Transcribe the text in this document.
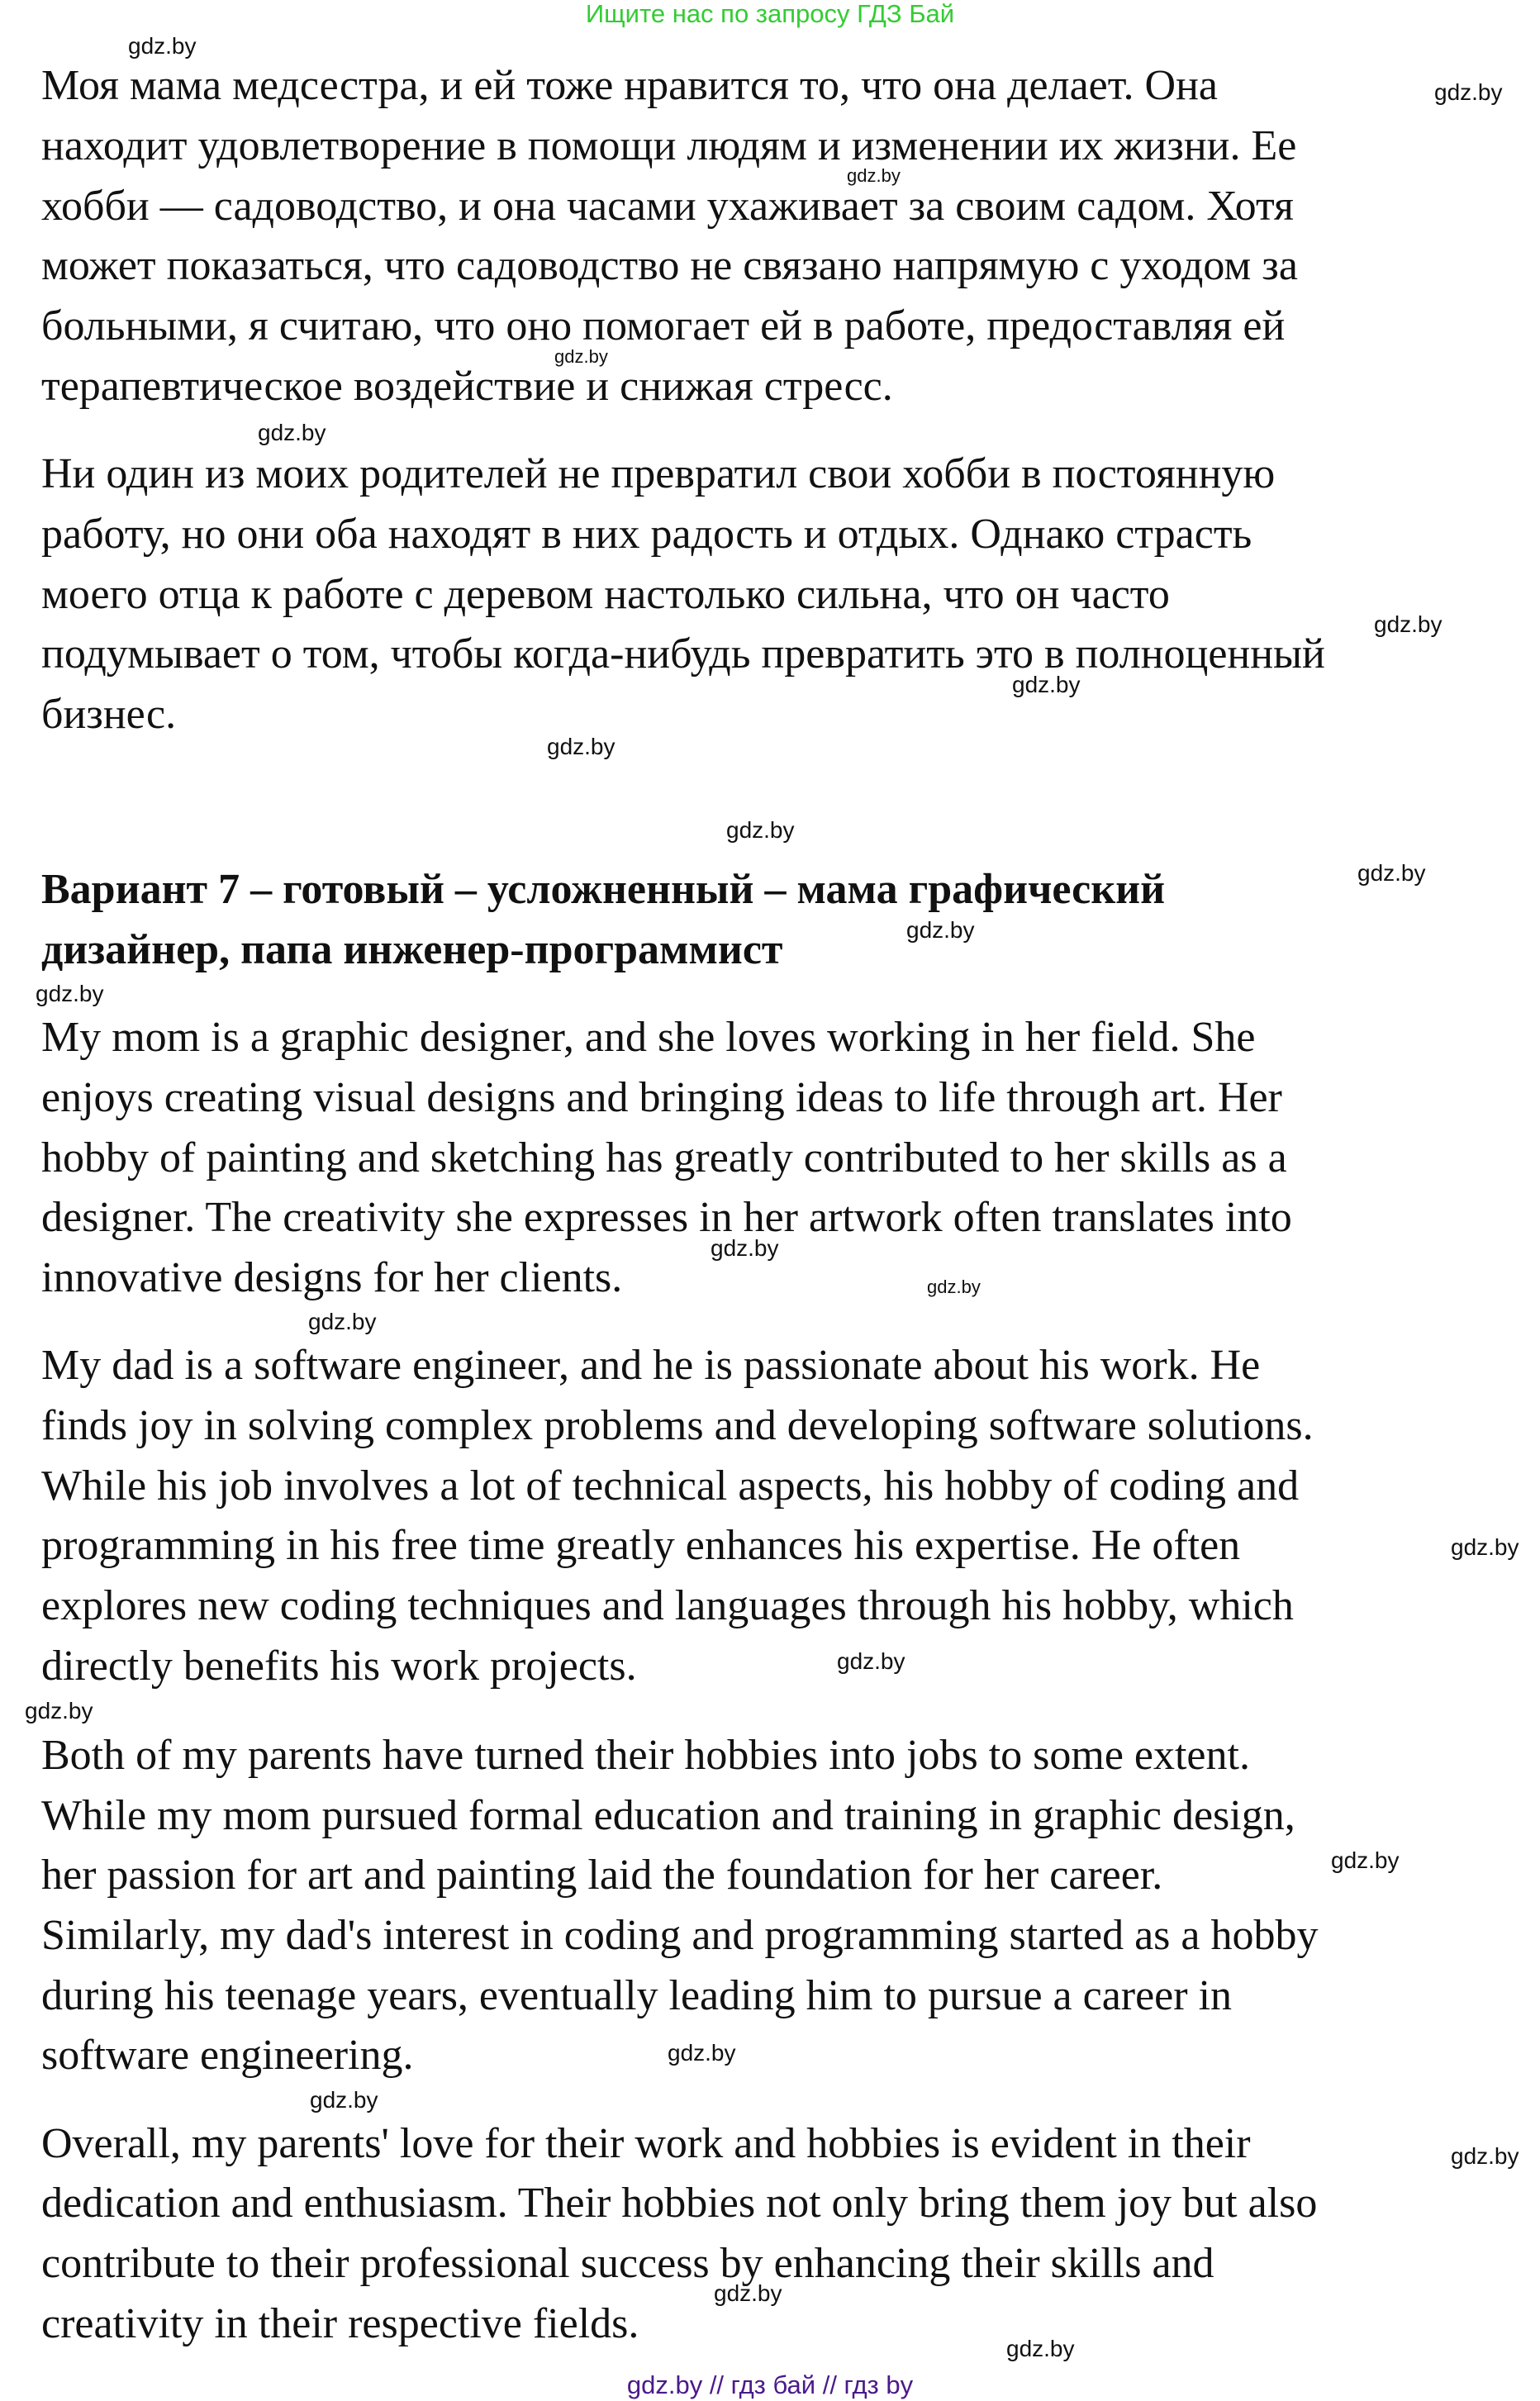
Ищите нас по запросу ГДЗ Бай
Моя мама медсестра, и ей тоже нравится то, что она делает. Она
находит удовлетворение в помощи людям и изменении их жизни. Ее
хобби — садоводство, и она часами ухаживает за своим садом. Хотя
может показаться, что садоводство не связано напрямую с уходом за
больными, я считаю, что оно помогает ей в работе, предоставляя ей
терапевтическое воздействие и снижая стресс.
Ни один из моих родителей не превратил свои хобби в постоянную
работу, но они оба находят в них радость и отдых. Однако страсть
моего отца к работе с деревом настолько сильна, что он часто
подумывает о том, чтобы когда-нибудь превратить это в полноценный
бизнес.
Вариант 7 – готовый – усложненный – мама графический
дизайнер, папа инженер-программист
My mom is a graphic designer, and she loves working in her field. She
enjoys creating visual designs and bringing ideas to life through art. Her
hobby of painting and sketching has greatly contributed to her skills as a
designer. The creativity she expresses in her artwork often translates into
innovative designs for her clients.
My dad is a software engineer, and he is passionate about his work. He
finds joy in solving complex problems and developing software solutions.
While his job involves a lot of technical aspects, his hobby of coding and
programming in his free time greatly enhances his expertise. He often
explores new coding techniques and languages through his hobby, which
directly benefits his work projects.
Both of my parents have turned their hobbies into jobs to some extent.
While my mom pursued formal education and training in graphic design,
her passion for art and painting laid the foundation for her career.
Similarly, my dad's interest in coding and programming started as a hobby
during his teenage years, eventually leading him to pursue a career in
software engineering.
Overall, my parents' love for their work and hobbies is evident in their
dedication and enthusiasm. Their hobbies not only bring them joy but also
contribute to their professional success by enhancing their skills and
creativity in their respective fields.
gdz.by // гдз бай // гдз by
gdz.by
gdz.by
gdz.by
gdz.by
gdz.by
gdz.by
gdz.by
gdz.by
gdz.by
gdz.by
gdz.by
gdz.by
gdz.by
gdz.by
gdz.by
gdz.by
gdz.by
gdz.by
gdz.by
gdz.by
gdz.by
gdz.by
gdz.by
gdz.by
